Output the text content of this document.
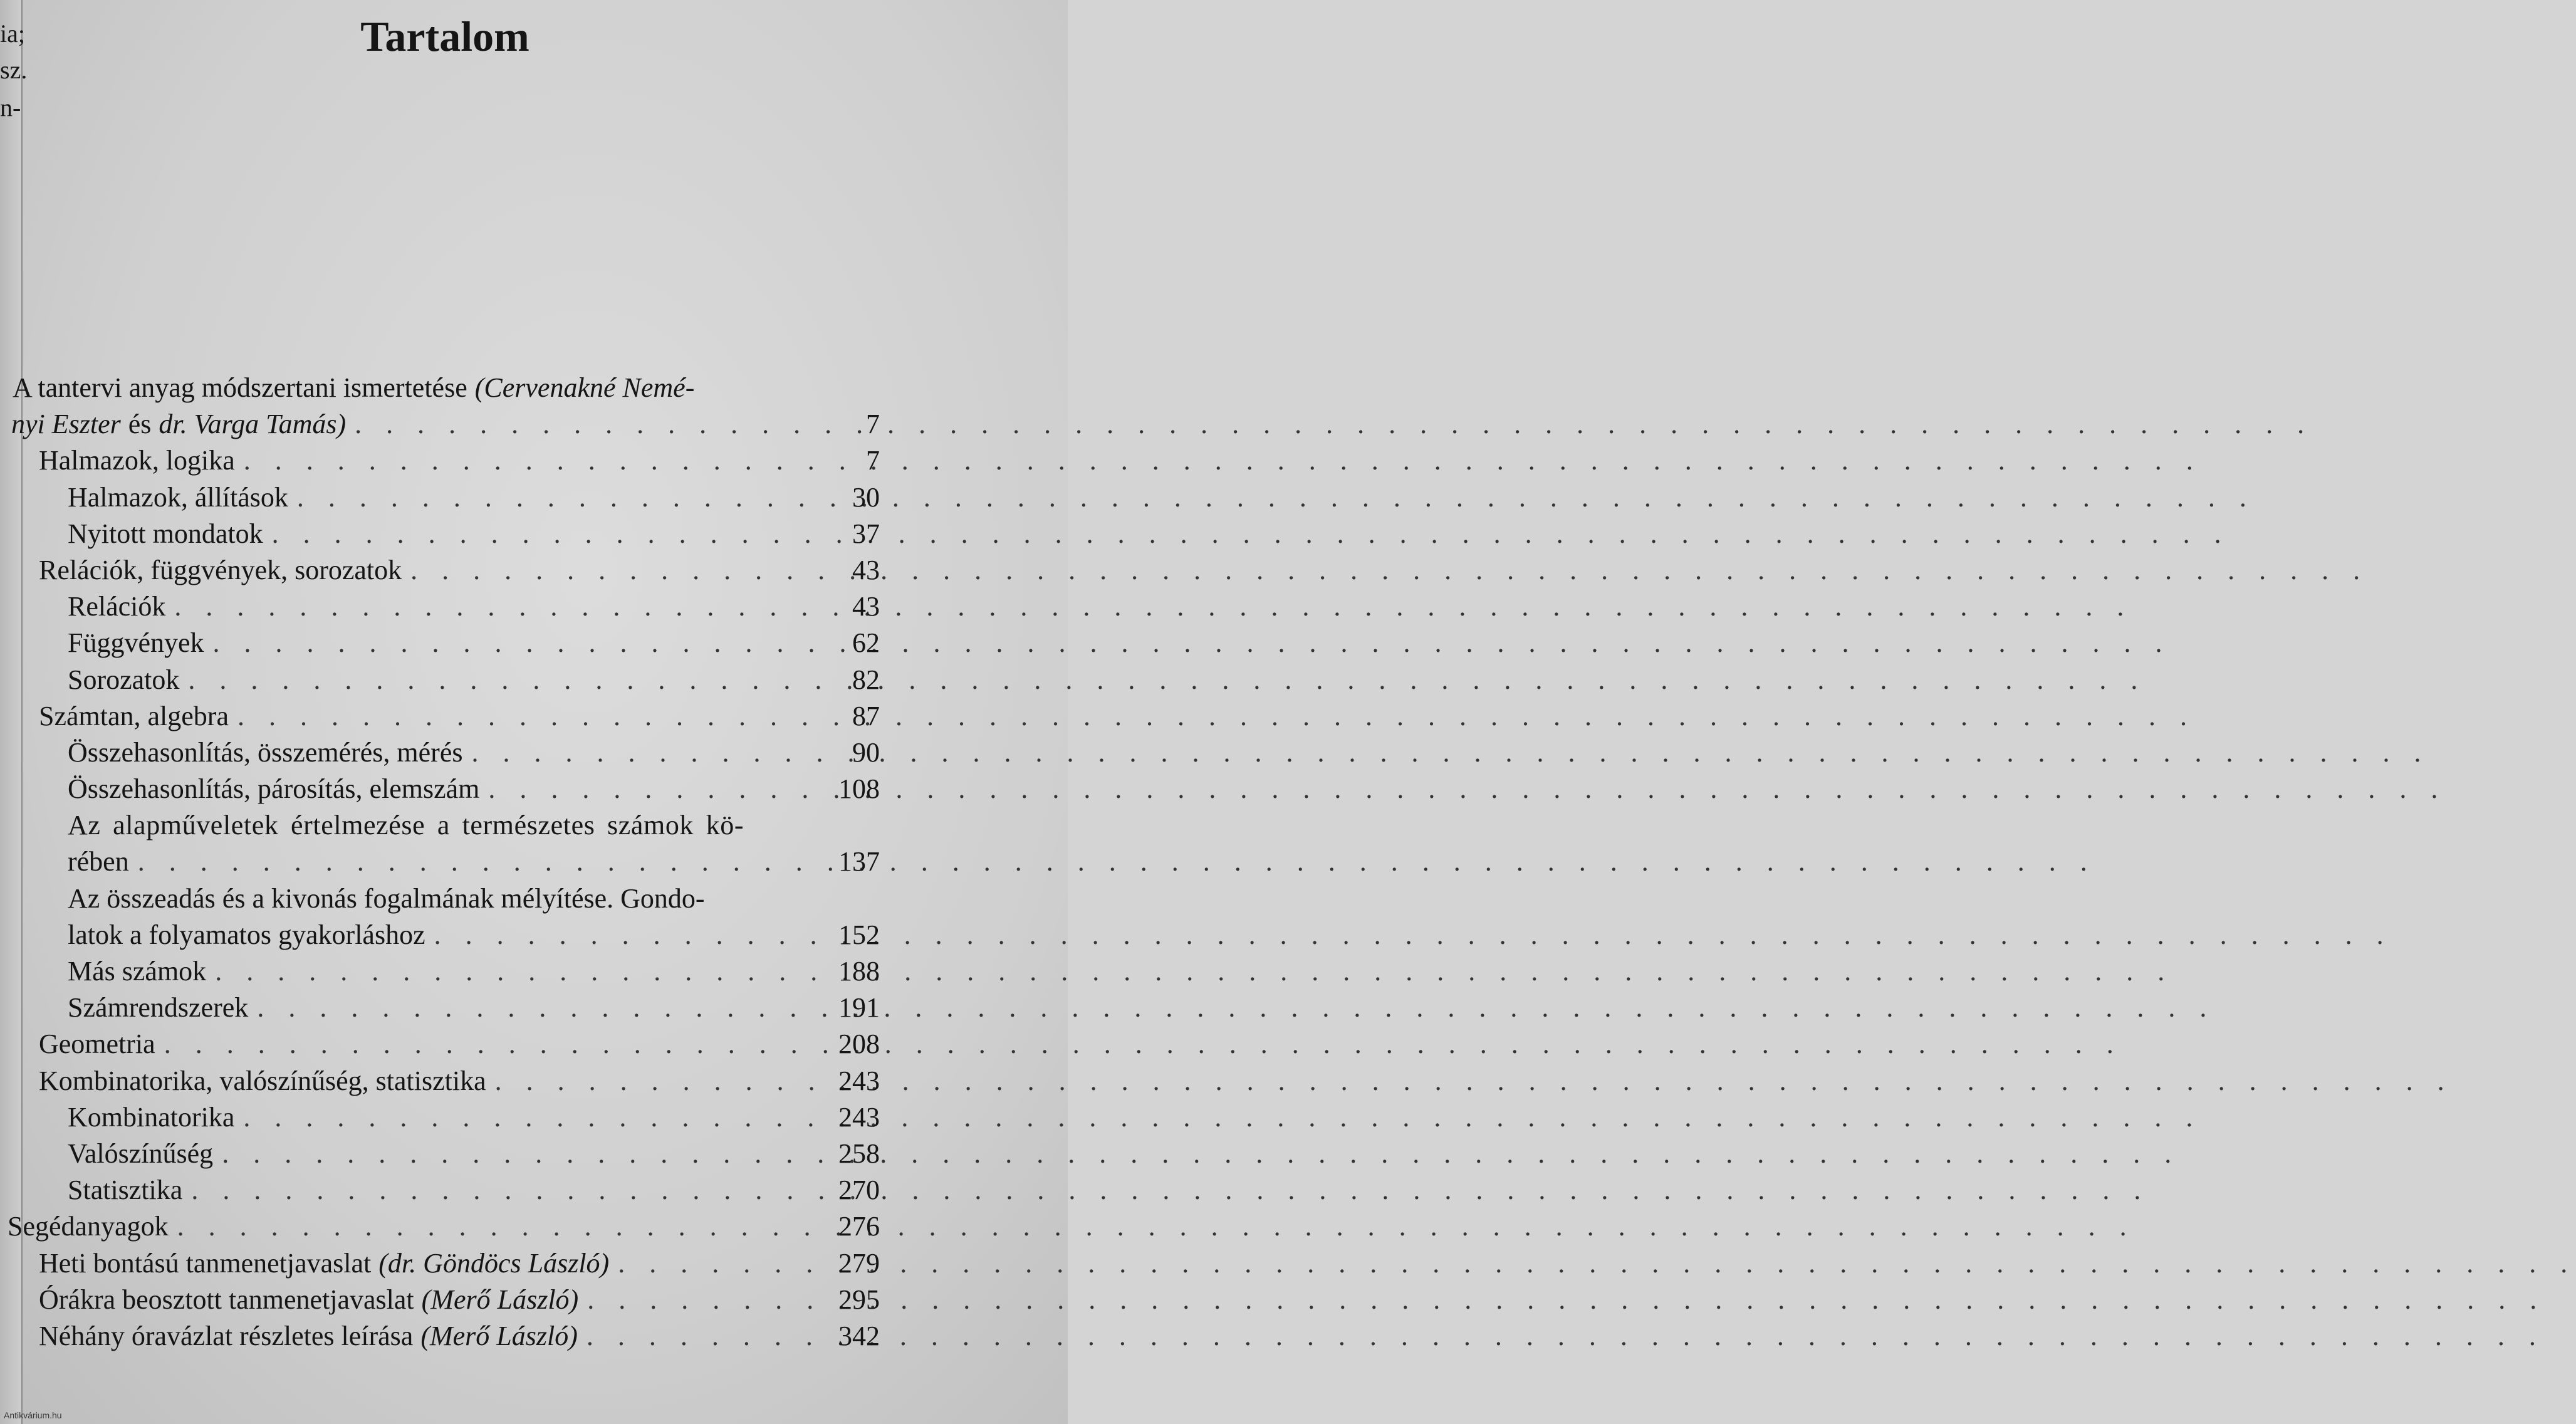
ia;
sz.
n-
Tartalom
A tantervi anyag módszertani ismertetése (Cervenakné Nemé-
nyi Eszter és dr. Varga Tamás) . . .	7
Halmazok, logika . . .	7
Halmazok, állítások . . .	30
Nyitott mondatok . . .	37
Relációk, függvények, sorozatok . . .	43
Relációk . . .	43
Függvények . . .	62
Sorozatok . . .	82
Számtan, algebra . . .	87
Összehasonlítás, összemérés, mérés . . .	90
Összehasonlítás, párosítás, elemszám . . .	108
Az alapműveletek értelmezése a természetes számok kö-
rében . . .	137
Az összeadás és a kivonás fogalmának mélyítése. Gondo-
latok a folyamatos gyakorláshoz . . .	152
Más számok . . .	188
Számrendszerek . . .	191
Geometria . . .	208
Kombinatorika, valószínűség, statisztika . . .	243
Kombinatorika . . .	243
Valószínűség . . .	258
Statisztika . . .	270
Segédanyagok . . .	276
Heti bontású tanmenetjavaslat (dr. Göndöcs László) . . .	279
Órákra beosztott tanmenetjavaslat (Merő László) . . .	295
Néhány óravázlat részletes leírása (Merő László) . . .	342
Antikvárium.hu
